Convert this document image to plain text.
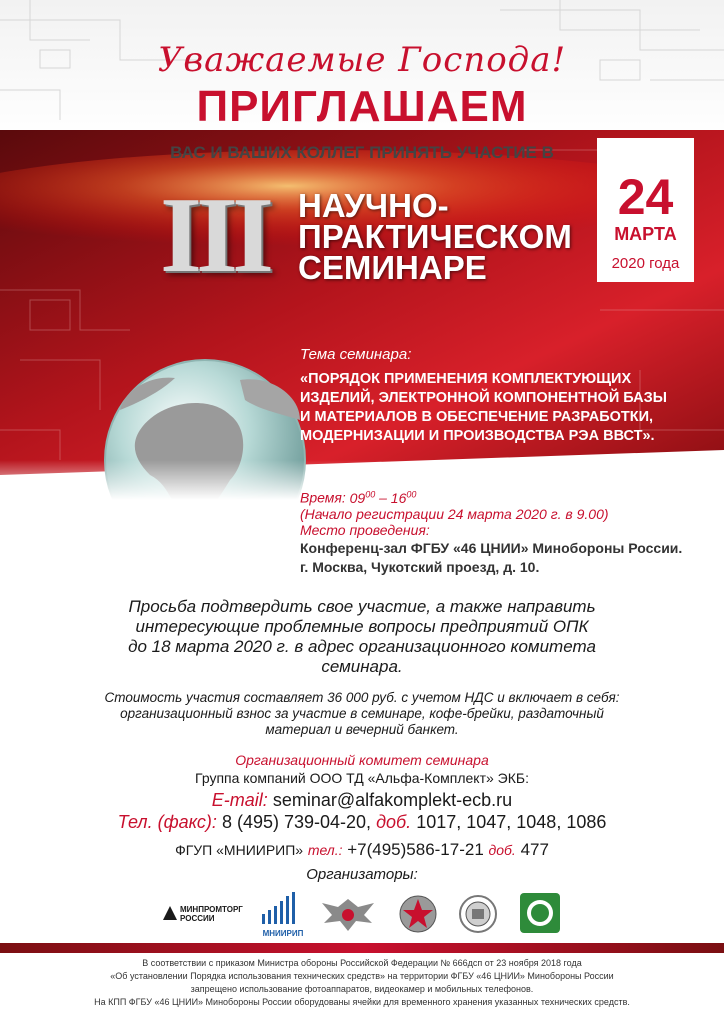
Уважаемые Господа!
ПРИГЛАШАЕМ
ВАС И ВАШИХ КОЛЛЕГ ПРИНЯТЬ УЧАСТИЕ В
III НАУЧНО-
ПРАКТИЧЕСКОМ
СЕМИНАРЕ
24
МАРТА
2020 года
Тема семинара:
«ПОРЯДОК ПРИМЕНЕНИЯ КОМПЛЕКТУЮЩИХ
ИЗДЕЛИЙ, ЭЛЕКТРОННОЙ КОМПОНЕНТНОЙ БАЗЫ
И МАТЕРИАЛОВ В ОБЕСПЕЧЕНИЕ РАЗРАБОТКИ,
МОДЕРНИЗАЦИИ И ПРОИЗВОДСТВА РЭА ВВСТ».
Время: $09^{00} - 16^{00}$
(Начало регистрации 24 марта 2020 г. в 9.00)
Место проведения:
Конференц-зал ФГБУ «46 ЦНИИ» Минобороны России.
г. Москва, Чукотский проезд, д. 10.
Просьба подтвердить свое участие, а также направить
интересующие проблемные вопросы предприятий ОПК
до 18 марта 2020 г. в адрес организационного комитета
семинара.
Стоимость участия составляет 36 000 руб. с учетом НДС и включает в себя:
организационный взнос за участие в семинаре, кофе-брейки, раздаточный
материал и вечерний банкет.
Организационный комитет семинара
Группа компаний ООО ТД «Альфа-Комплект» ЭКБ:
E-mail: seminar@alfakomplekt-ecb.ru
Тел. (факс): 8 (495) 739-04-20, доб. 1017, 1047, 1048, 1086
ФГУП «МНИИРИП» тел.: +7(495)586-17-21 доб. 477
Организаторы:
МИНПРОМТОРГ
РОССИИ
МНИИРИП
В соответствии с приказом Министра обороны Российской Федерации № 666дсп от 23 ноября 2018 года
«Об установлении Порядка использования технических средств» на территории ФГБУ «46 ЦНИИ» Минобороны России
запрещено использование фотоаппаратов, видеокамер и мобильных телефонов.
На КПП ФГБУ «46 ЦНИИ» Минобороны России оборудованы ячейки для временного хранения указанных технических средств.
